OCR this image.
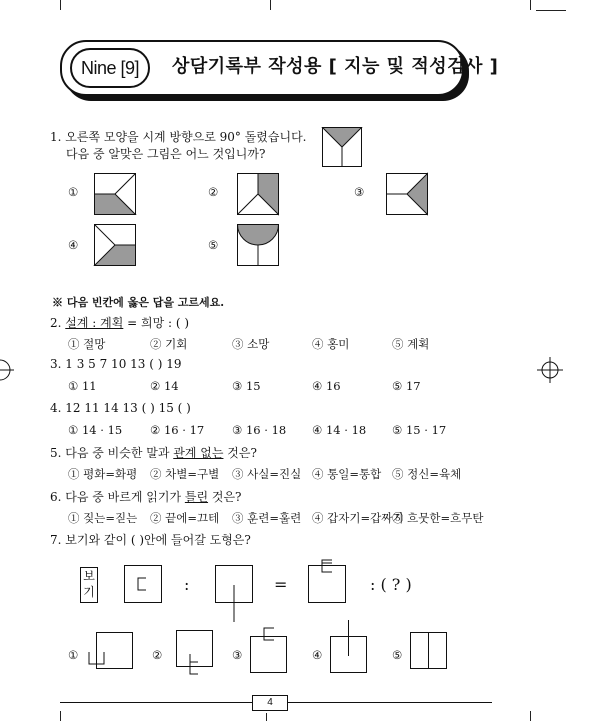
Nine [9]	상담기록부 작성용 [ 지능 및 적성검사 ]
1. 오른쪽 모양을 시계 방향으로 90° 돌렸습니다.
다음 중 알맞은 그림은 어느 것입니까?
①	②	③
④	⑤
※ 다음 빈칸에 옳은 답을 고르세요.
2. 설계 : 계획 = 희망 : ( )
① 절망	② 기회	③ 소망	④ 홍미	⑤ 계획
3. 1 3 5 7 10 13 ( ) 19
① 11	② 14	③ 15	④ 16	⑤ 17
4. 12 11 14 13 ( ) 15 ( )
① 14 · 15 ② 16 · 17 ③ 16 · 18 ④ 14 · 18 ⑤ 15 · 17
5. 다음 중 비슷한 말과 관계 없는 것은?
① 평화=화평 ② 차별=구별 ③ 사실=진실 ④ 통일=통합 ⑤ 정신=육체
6. 다음 중 바르게 읽기가 틀린 것은?
① 짖는=짇는 ② 끝에=끄테 ③ 훈련=훌련 ④ 갑자기=갑짜기
⑤ 흐뭇한=흐무탄
7. 보기와 같이 ( )안에 들어갈 도형은?
보
기	:	=	: ( ? )
①	②	③	④	⑤
4
